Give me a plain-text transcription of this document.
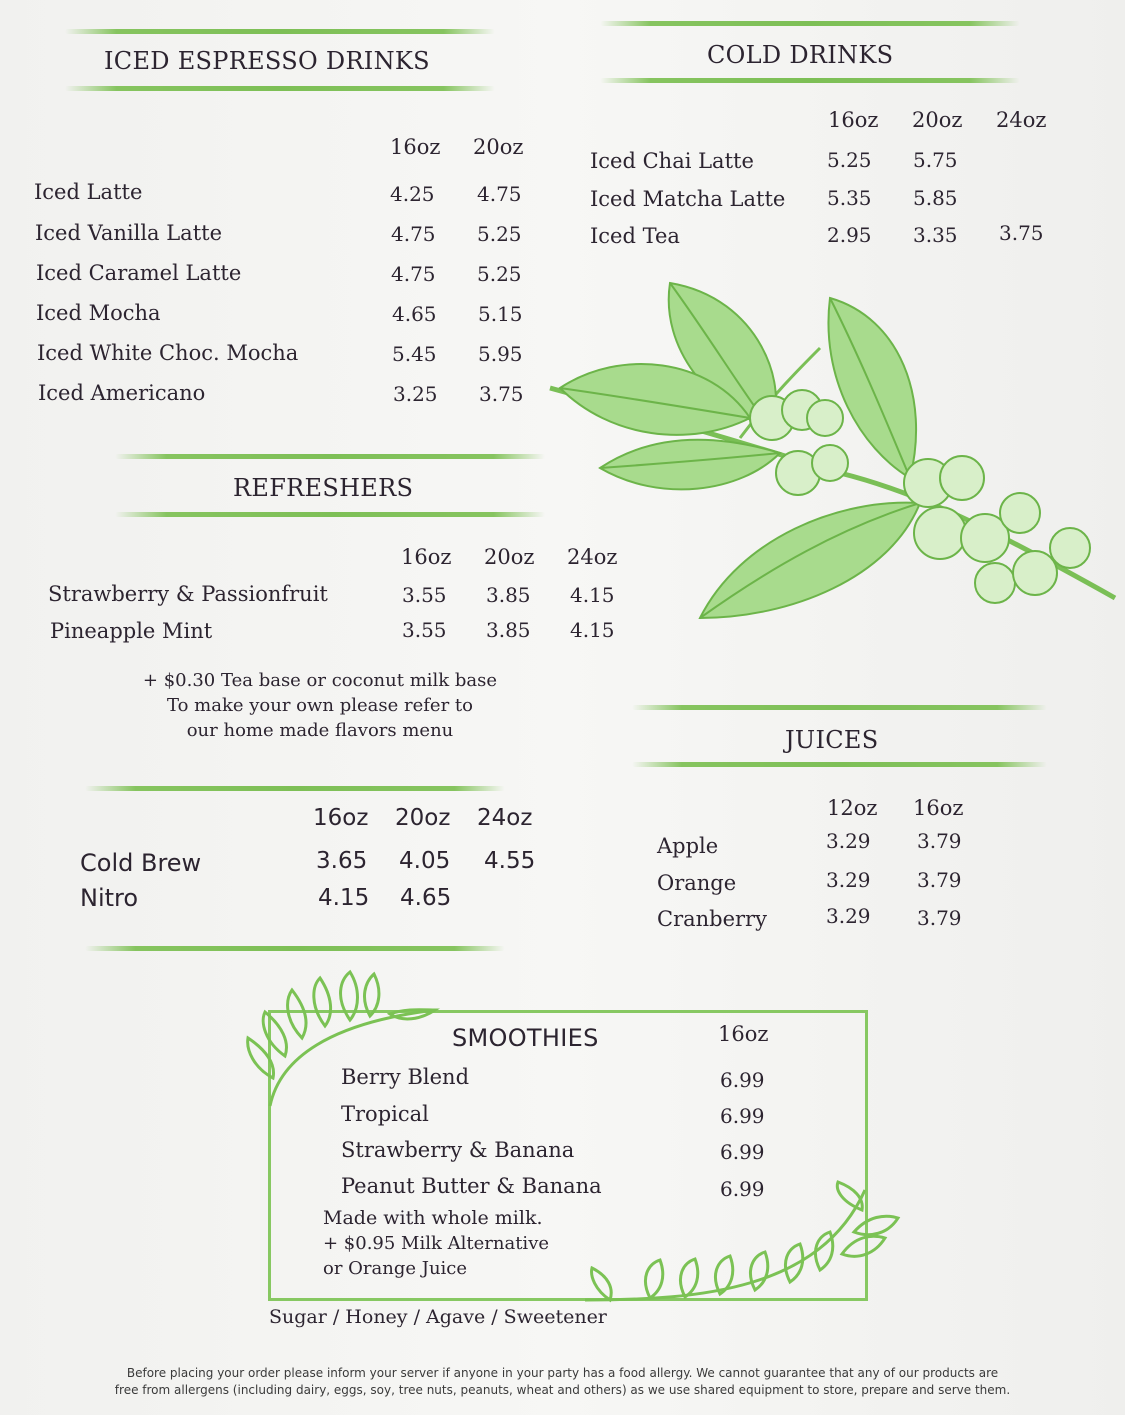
ICED ESPRESSO DRINKS
16oz 20oz
Iced Latte	4.25 4.75
Iced Vanilla Latte	4.75 5.25
Iced Caramel Latte	4.75 5.25
Iced Mocha	4.65 5.15
Iced White Choc. Mocha	5.45 5.95
Iced Americano	3.25 3.75
COLD DRINKS
16oz 20oz 24oz
Iced Chai Latte	5.25 5.75
Iced Matcha Latte 5.35 5.85
Iced Tea	2.95 3.35 3.75
REFRESHERS
16oz 20oz 24oz
Strawberry & Passionfruit	3.55 3.85 4.15
Pineapple Mint	3.55 3.85 4.15
+ $0.30 Tea base or coconut milk base
To make your own please refer to
our home made flavors menu
16oz 20oz 24oz
Cold Brew	3.65 4.05 4.55
Nitro	4.15 4.65
JUICES
12oz 16oz
Apple	3.29 3.79
Orange	3.29 3.79
Cranberry	3.29 3.79
SMOOTHIES	16oz
Berry Blend	6.99
Tropical	6.99
Strawberry & Banana	6.99
Peanut Butter & Banana	6.99
Made with whole milk.
+ $0.95 Milk Alternative
or Orange Juice
Sugar / Honey / Agave / Sweetener
Before placing your order please inform your server if anyone in your party has a food allergy. We cannot guarantee that any of our products are
free from allergens (including dairy, eggs, soy, tree nuts, peanuts, wheat and others) as we use shared equipment to store, prepare and serve them.
